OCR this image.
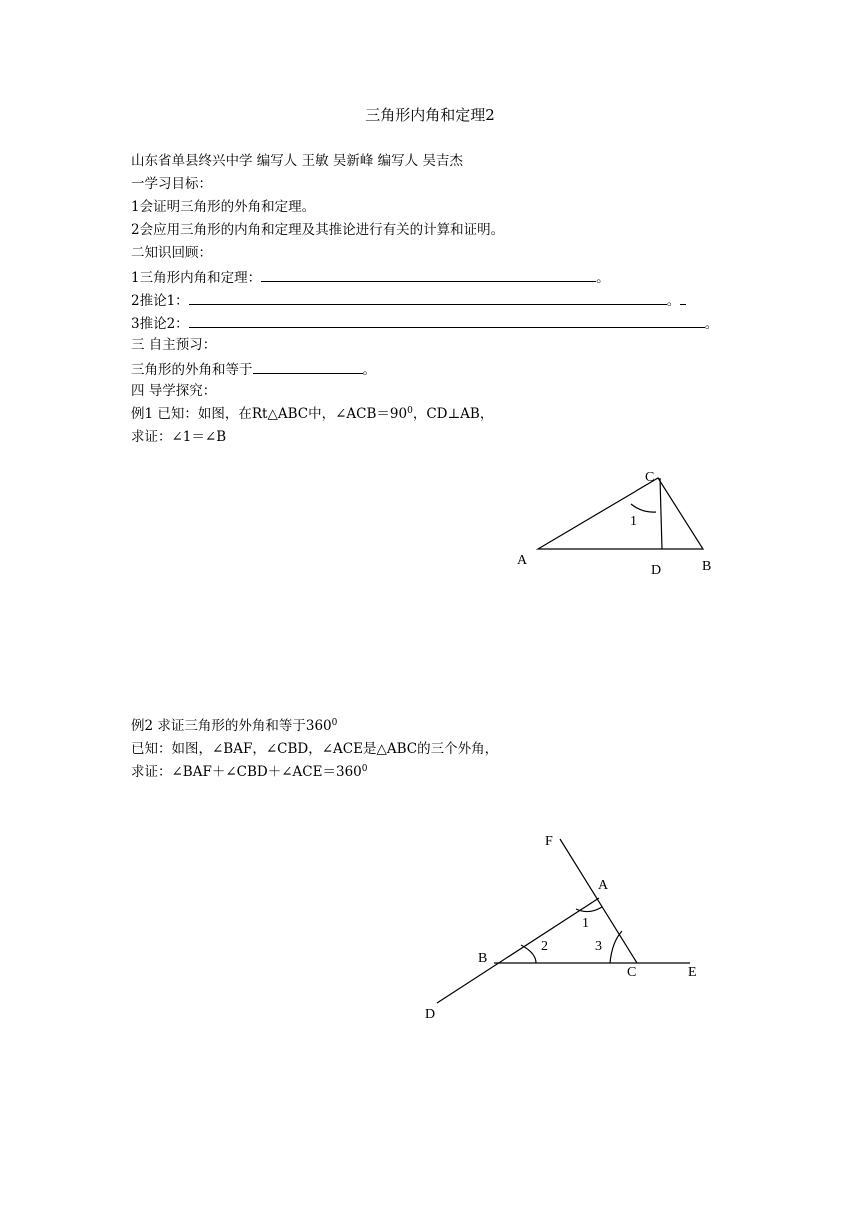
三角形内角和定理2
山东省单县终兴中学 编写人 王敏 吴新峰 编写人 吴吉杰
一学习目标：
1会证明三角形的外角和定理。
2会应用三角形的内角和定理及其推论进行有关的计算和证明。
二知识回顾：
1三角形内角和定理：	。
2推论1：	。
3推论2：	。
三 自主预习：
三角形的外角和等于	。
四 导学探究：
例1 已知：如图，在Rt△ABC中，$\angle ACB=90^0$，CD⊥AB，
求证：∠1＝∠B
C
1
A
D	B
例2 求证三角形的外角和等于$360^0$
已知：如图，∠BAF，∠CBD，∠ACE是△ABC的三个外角，
求证：$\angle BAF+\angle CBD+\angle ACE=360^0$
F
A
1
2	3
B
C	E
D
